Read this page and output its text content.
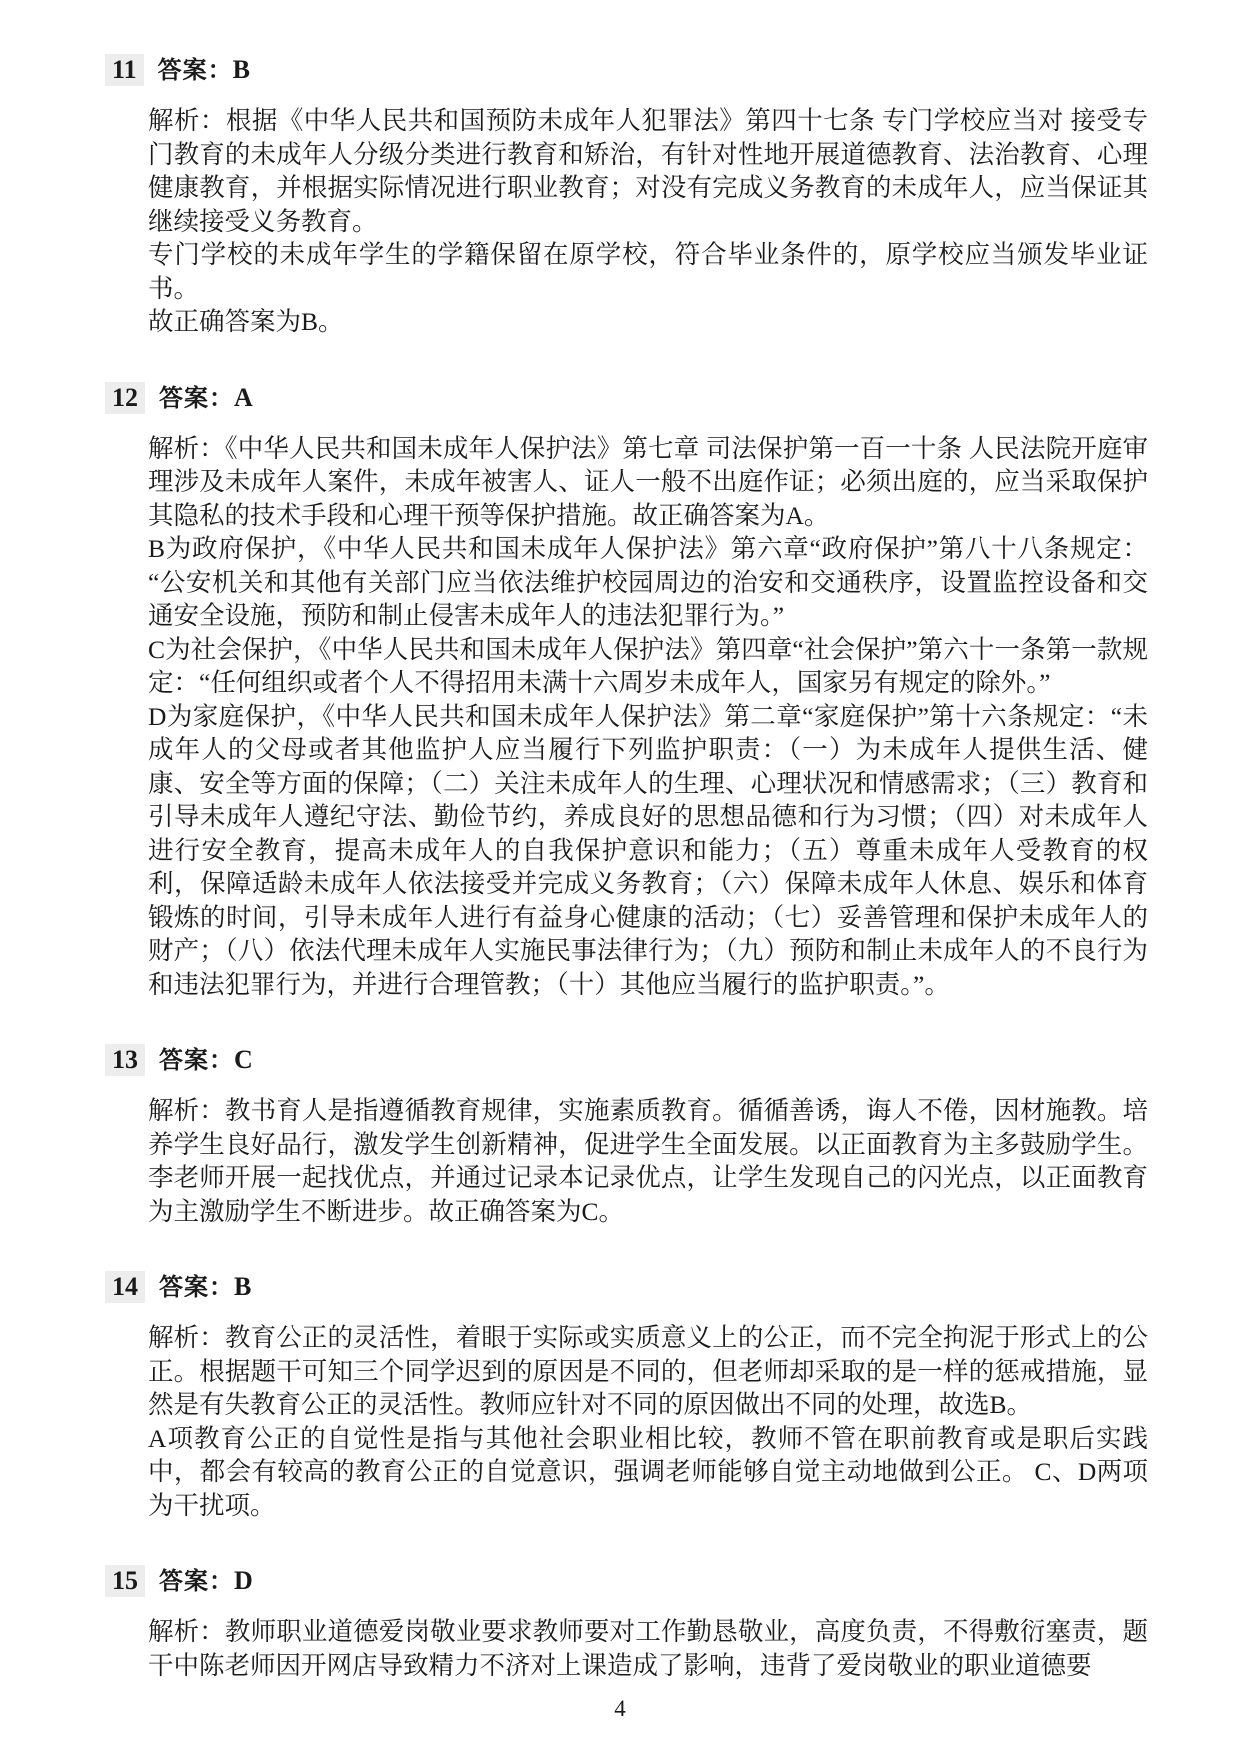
11 答案：B
解析：根据《中华人民共和国预防未成年人犯罪法》第四十七条 专门学校应当对 接受专门教育的未成年人分级分类进行教育和矫治，有针对性地开展道德教育、法治教育、心理健康教育，并根据实际情况进行职业教育；对没有完成义务教育的未成年人，应当保证其继续接受义务教育。
专门学校的未成年学生的学籍保留在原学校，符合毕业条件的，原学校应当颁发毕业证书。
故正确答案为B。
12 答案：A
解析：《中华人民共和国未成年人保护法》第七章 司法保护第一百一十条 人民法院开庭审理涉及未成年人案件，未成年被害人、证人一般不出庭作证；必须出庭的，应当采取保护其隐私的技术手段和心理干预等保护措施。故正确答案为A。
B为政府保护，《中华人民共和国未成年人保护法》第六章“政府保护”第八十八条规定：“公安机关和其他有关部门应当依法维护校园周边的治安和交通秩序，设置监控设备和交通安全设施，预防和制止侵害未成年人的违法犯罪行为。”
C为社会保护，《中华人民共和国未成年人保护法》第四章“社会保护”第六十一条第一款规定：“任何组织或者个人不得招用未满十六周岁未成年人，国家另有规定的除外。”
D为家庭保护，《中华人民共和国未成年人保护法》第二章“家庭保护”第十六条规定：“未成年人的父母或者其他监护人应当履行下列监护职责：（一）为未成年人提供生活、健康、安全等方面的保障；（二）关注未成年人的生理、心理状况和情感需求；（三）教育和引导未成年人遵纪守法、勤俭节约，养成良好的思想品德和行为习惯；（四）对未成年人进行安全教育，提高未成年人的自我保护意识和能力；（五）尊重未成年人受教育的权利，保障适龄未成年人依法接受并完成义务教育；（六）保障未成年人休息、娱乐和体育锻炼的时间，引导未成年人进行有益身心健康的活动；（七）妥善管理和保护未成年人的财产；（八）依法代理未成年人实施民事法律行为；（九）预防和制止未成年人的不良行为和违法犯罪行为，并进行合理管教；（十）其他应当履行的监护职责。”。
13 答案：C
解析：教书育人是指遵循教育规律，实施素质教育。循循善诱，诲人不倦，因材施教。培养学生良好品行，激发学生创新精神，促进学生全面发展。以正面教育为主多鼓励学生。李老师开展一起找优点，并通过记录本记录优点，让学生发现自己的闪光点，以正面教育为主激励学生不断进步。故正确答案为C。
14 答案：B
解析：教育公正的灵活性，着眼于实际或实质意义上的公正，而不完全拘泥于形式上的公正。根据题干可知三个同学迟到的原因是不同的，但老师却采取的是一样的惩戒措施，显然是有失教育公正的灵活性。教师应针对不同的原因做出不同的处理，故选B。
A项教育公正的自觉性是指与其他社会职业相比较，教师不管在职前教育或是职后实践中，都会有较高的教育公正的自觉意识，强调老师能够自觉主动地做到公正。 C、D两项为干扰项。
15 答案：D
解析：教师职业道德爱岗敬业要求教师要对工作勤恳敬业，高度负责，不得敷衍塞责，题干中陈老师因开网店导致精力不济对上课造成了影响，违背了爱岗敬业的职业道德要
4
